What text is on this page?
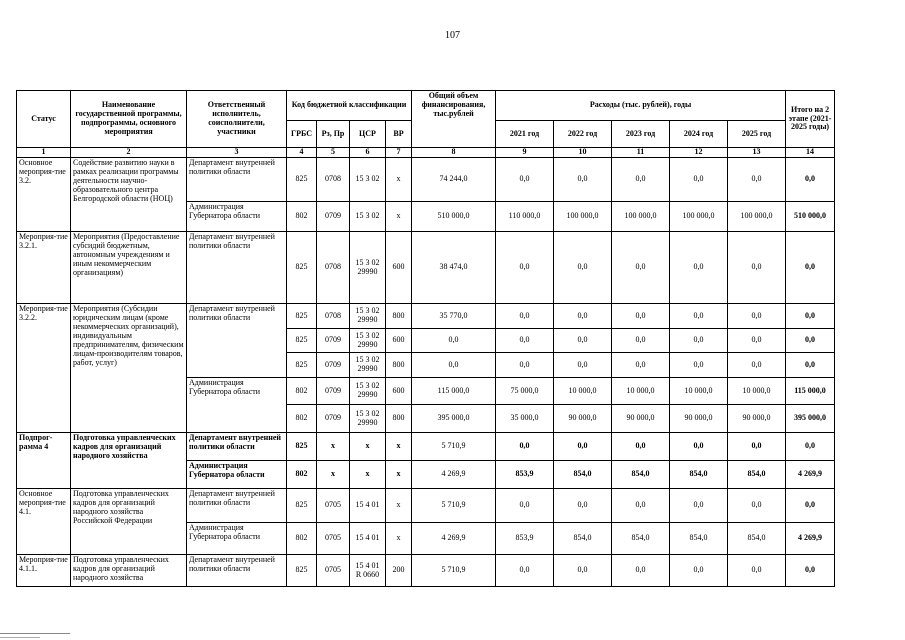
107
Статус	Наименование государственной программы, подпрограммы, основного мероприятия	Ответственный исполнитель, соисполнители, участники	Код бюджетной классификации				Общий объем финансирования, тыс.рублей	Расходы (тыс. рублей), годы					Итого на 2 этапе (2021-2025 годы)
			ГРБС	Рз, Пр	ЦСР	ВР		2021 год	2022 год	2023 год	2024 год	2025 год	
1	2	3	4	5	6	7	8	9	10	11	12	13	14
Основное мероприя-тие 3.2.	Содействие развитию науки в рамках реализации программы деятельности научно- образовательного центра Белгородской области (НОЦ)	Департамент внутренней политики области	825	0708	15 3 02	х	74 244,0	0,0	0,0	0,0	0,0	0,0	0,0
		Администрация Губернатора области	802	0709	15 3 02	х	510 000,0	110 000,0	100 000,0	100 000,0	100 000,0	100 000,0	510 000,0
Мероприя-тие 3.2.1.	Мероприятия (Предоставление субсидий бюджетным, автономным учреждениям и иным некоммерческим организациям)	Департамент внутренней политики области	825	0708	15 3 02 29990	600	38 474,0	0,0	0,0	0,0	0,0	0,0	0,0
Мероприя-тие 3.2.2.	Мероприятия (Субсидии юридическим лицам (кроме некоммерческих организаций), индивидуальным предпринимателям, физическим лицам-производителям товаров, работ, услуг)	Департамент внутренней политики области	825	0708	15 3 02 29990	800	35 770,0	0,0	0,0	0,0	0,0	0,0	0,0
			825	0709	15 3 02 29990	600	0,0	0,0	0,0	0,0	0,0	0,0	0,0
			825	0709	15 3 02 29990	800	0,0	0,0	0,0	0,0	0,0	0,0	0,0
		Администрация Губернатора области	802	0709	15 3 02 29990	600	115 000,0	75 000,0	10 000,0	10 000,0	10 000,0	10 000,0	115 000,0
			802	0709	15 3 02 29990	800	395 000,0	35 000,0	90 000,0	90 000,0	90 000,0	90 000,0	395 000,0
Подпрог-рамма 4	Подготовка управленческих кадров для организаций народного хозяйства	Департамент внутренней политики области	825	х	х	х	5 710,9	0,0	0,0	0,0	0,0	0,0	0,0
		Администрация Губернатора области	802	х	х	х	4 269,9	853,9	854,0	854,0	854,0	854,0	4 269,9
Основное мероприя-тие 4.1.	Подготовка управленческих кадров для организаций народного хозяйства Российской Федерации	Департамент внутренней политики области	825	0705	15 4 01	х	5 710,9	0,0	0,0	0,0	0,0	0,0	0,0
		Администрация Губернатора области	802	0705	15 4 01	х	4 269,9	853,9	854,0	854,0	854,0	854,0	4 269,9
Мероприя-тие 4.1.1.	Подготовка управленческих кадров для организаций народного хозяйства	Департамент внутренней политики области	825	0705	15 4 01 R 0660	200	5 710,9	0,0	0,0	0,0	0,0	0,0	0,0
